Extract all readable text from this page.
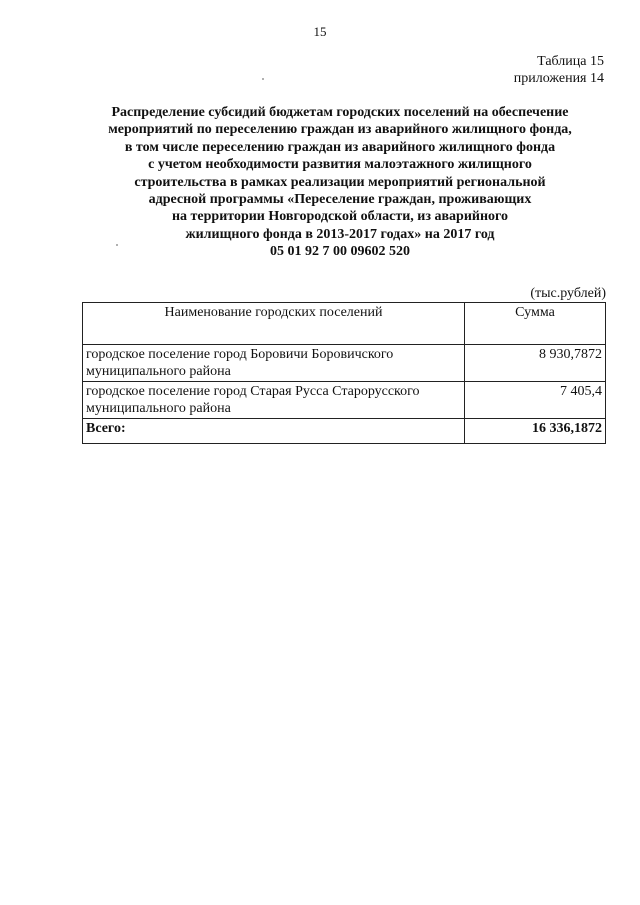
15
Таблица 15
приложения 14
Распределение субсидий бюджетам городских поселений на обеспечение
мероприятий по переселению граждан из аварийного жилищного фонда,
в том числе переселению граждан из аварийного жилищного фонда
с учетом необходимости развития малоэтажного жилищного
строительства в рамках реализации мероприятий региональной
адресной программы «Переселение граждан, проживающих
на территории Новгородской области, из аварийного
жилищного фонда в 2013-2017 годах» на 2017 год
05 01 92 7 00 09602 520
(тыс.рублей)
Наименование городских поселений	Сумма
городское поселение город Боровичи Боровичского муниципального района	8 930,7872
городское поселение город Старая Русса Старорусского муниципального района	7 405,4
Всего:	16 336,1872
